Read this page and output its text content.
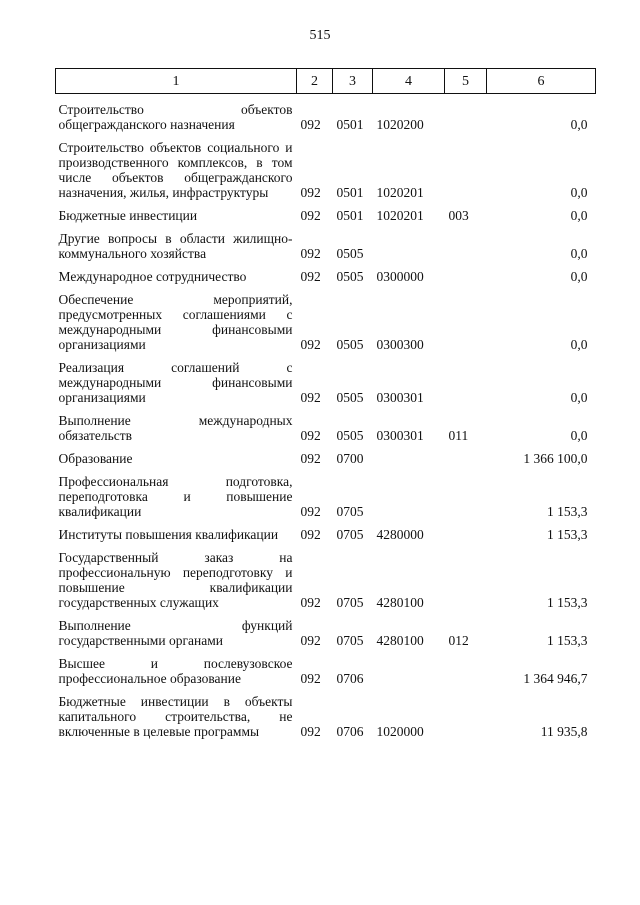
515
1	2	3	4	5	6
Строительство объектов общегражданского назначения	092	0501	1020200		0,0
Строительство объектов социального и производственного комплексов, в том числе объектов общегражданского назначения, жилья, инфраструктуры	092	0501	1020201		0,0
Бюджетные инвестиции	092	0501	1020201	003	0,0
Другие вопросы в области жилищно-коммунального хозяйства	092	0505			0,0
Международное сотрудничество	092	0505	0300000		0,0
Обеспечение мероприятий, предусмотренных соглашениями с международными финансовыми организациями	092	0505	0300300		0,0
Реализация соглашений с международными финансовыми организациями	092	0505	0300301		0,0
Выполнение международных обязательств	092	0505	0300301	011	0,0
Образование	092	0700			1 366 100,0
Профессиональная подготовка, переподготовка и повышение квалификации	092	0705			1 153,3
Институты повышения квалификации	092	0705	4280000		1 153,3
Государственный заказ на профессиональную переподготовку и повышение квалификации государственных служащих	092	0705	4280100		1 153,3
Выполнение функций государственными органами	092	0705	4280100	012	1 153,3
Высшее и послевузовское профессиональное образование	092	0706			1 364 946,7
Бюджетные инвестиции в объекты капитального строительства, не включенные в целевые программы	092	0706	1020000		11 935,8
